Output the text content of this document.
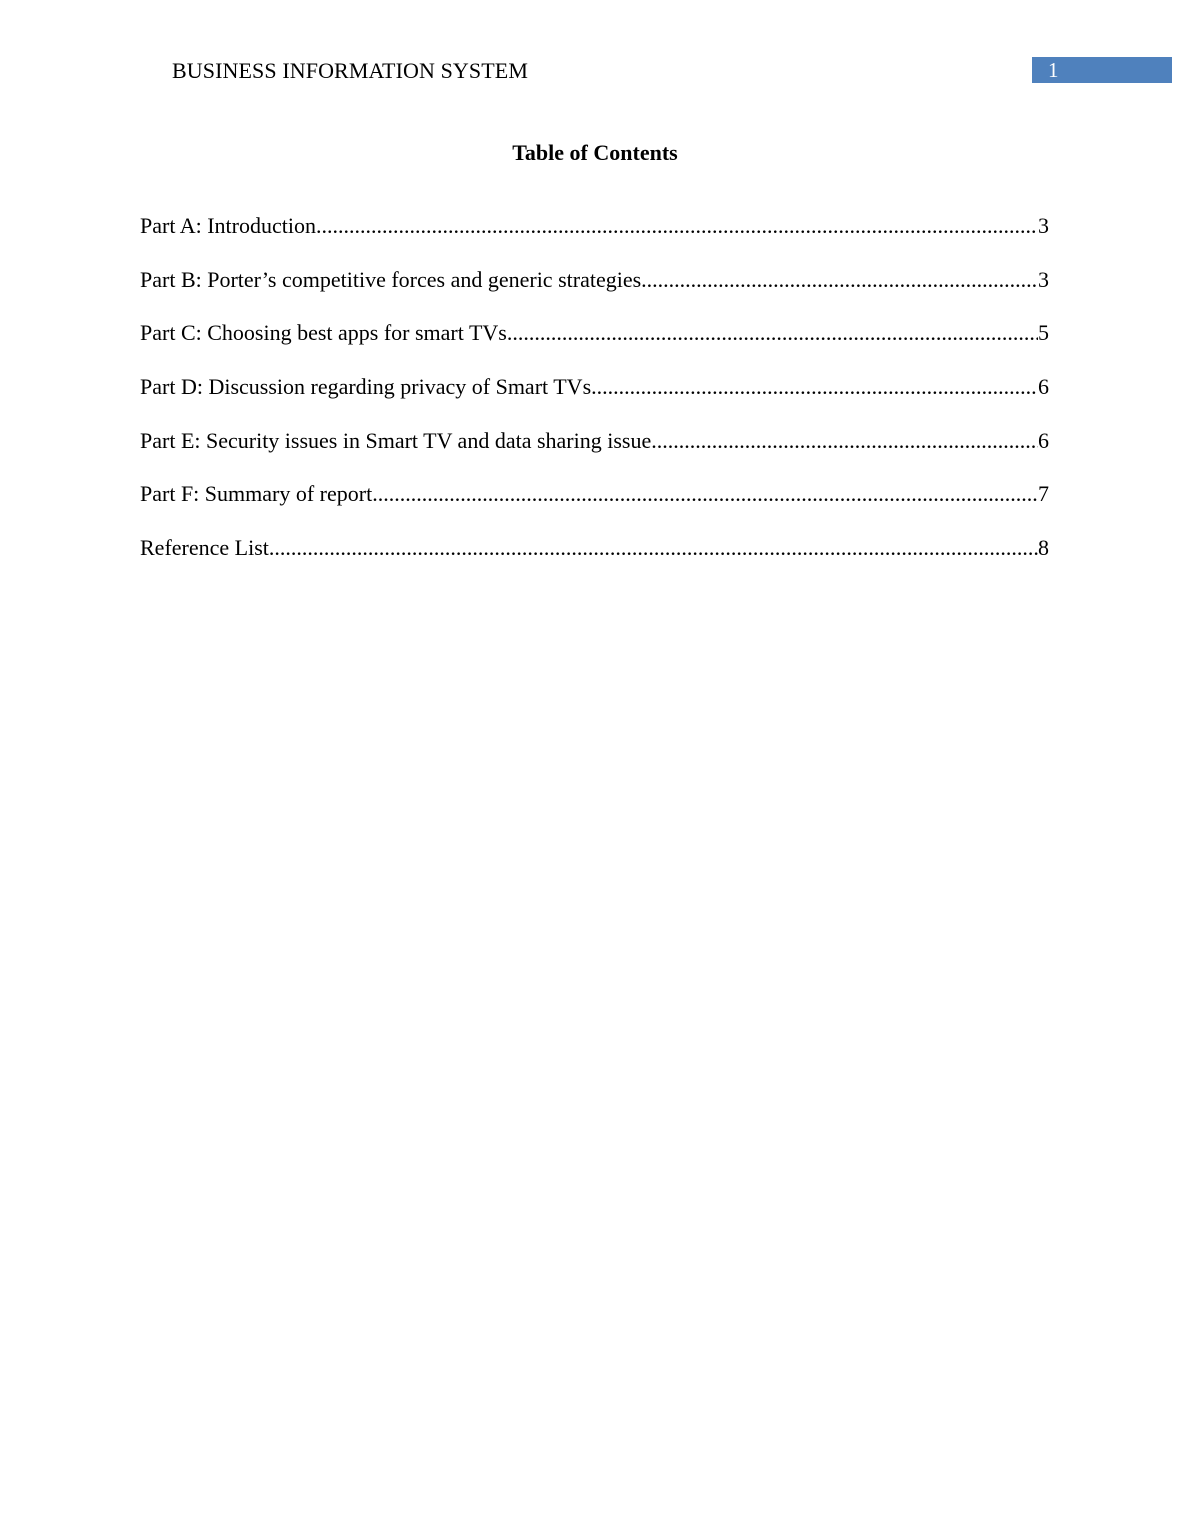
BUSINESS INFORMATION SYSTEM	1
Table of Contents
Part A: Introduction .....	3
Part B: Porter’s competitive forces and generic strategies .....	3
Part C: Choosing best apps for smart TVs .....	5
Part D: Discussion regarding privacy of Smart TVs .....	6
Part E: Security issues in Smart TV and data sharing issue .....	6
Part F: Summary of report .....	7
Reference List .....	8
